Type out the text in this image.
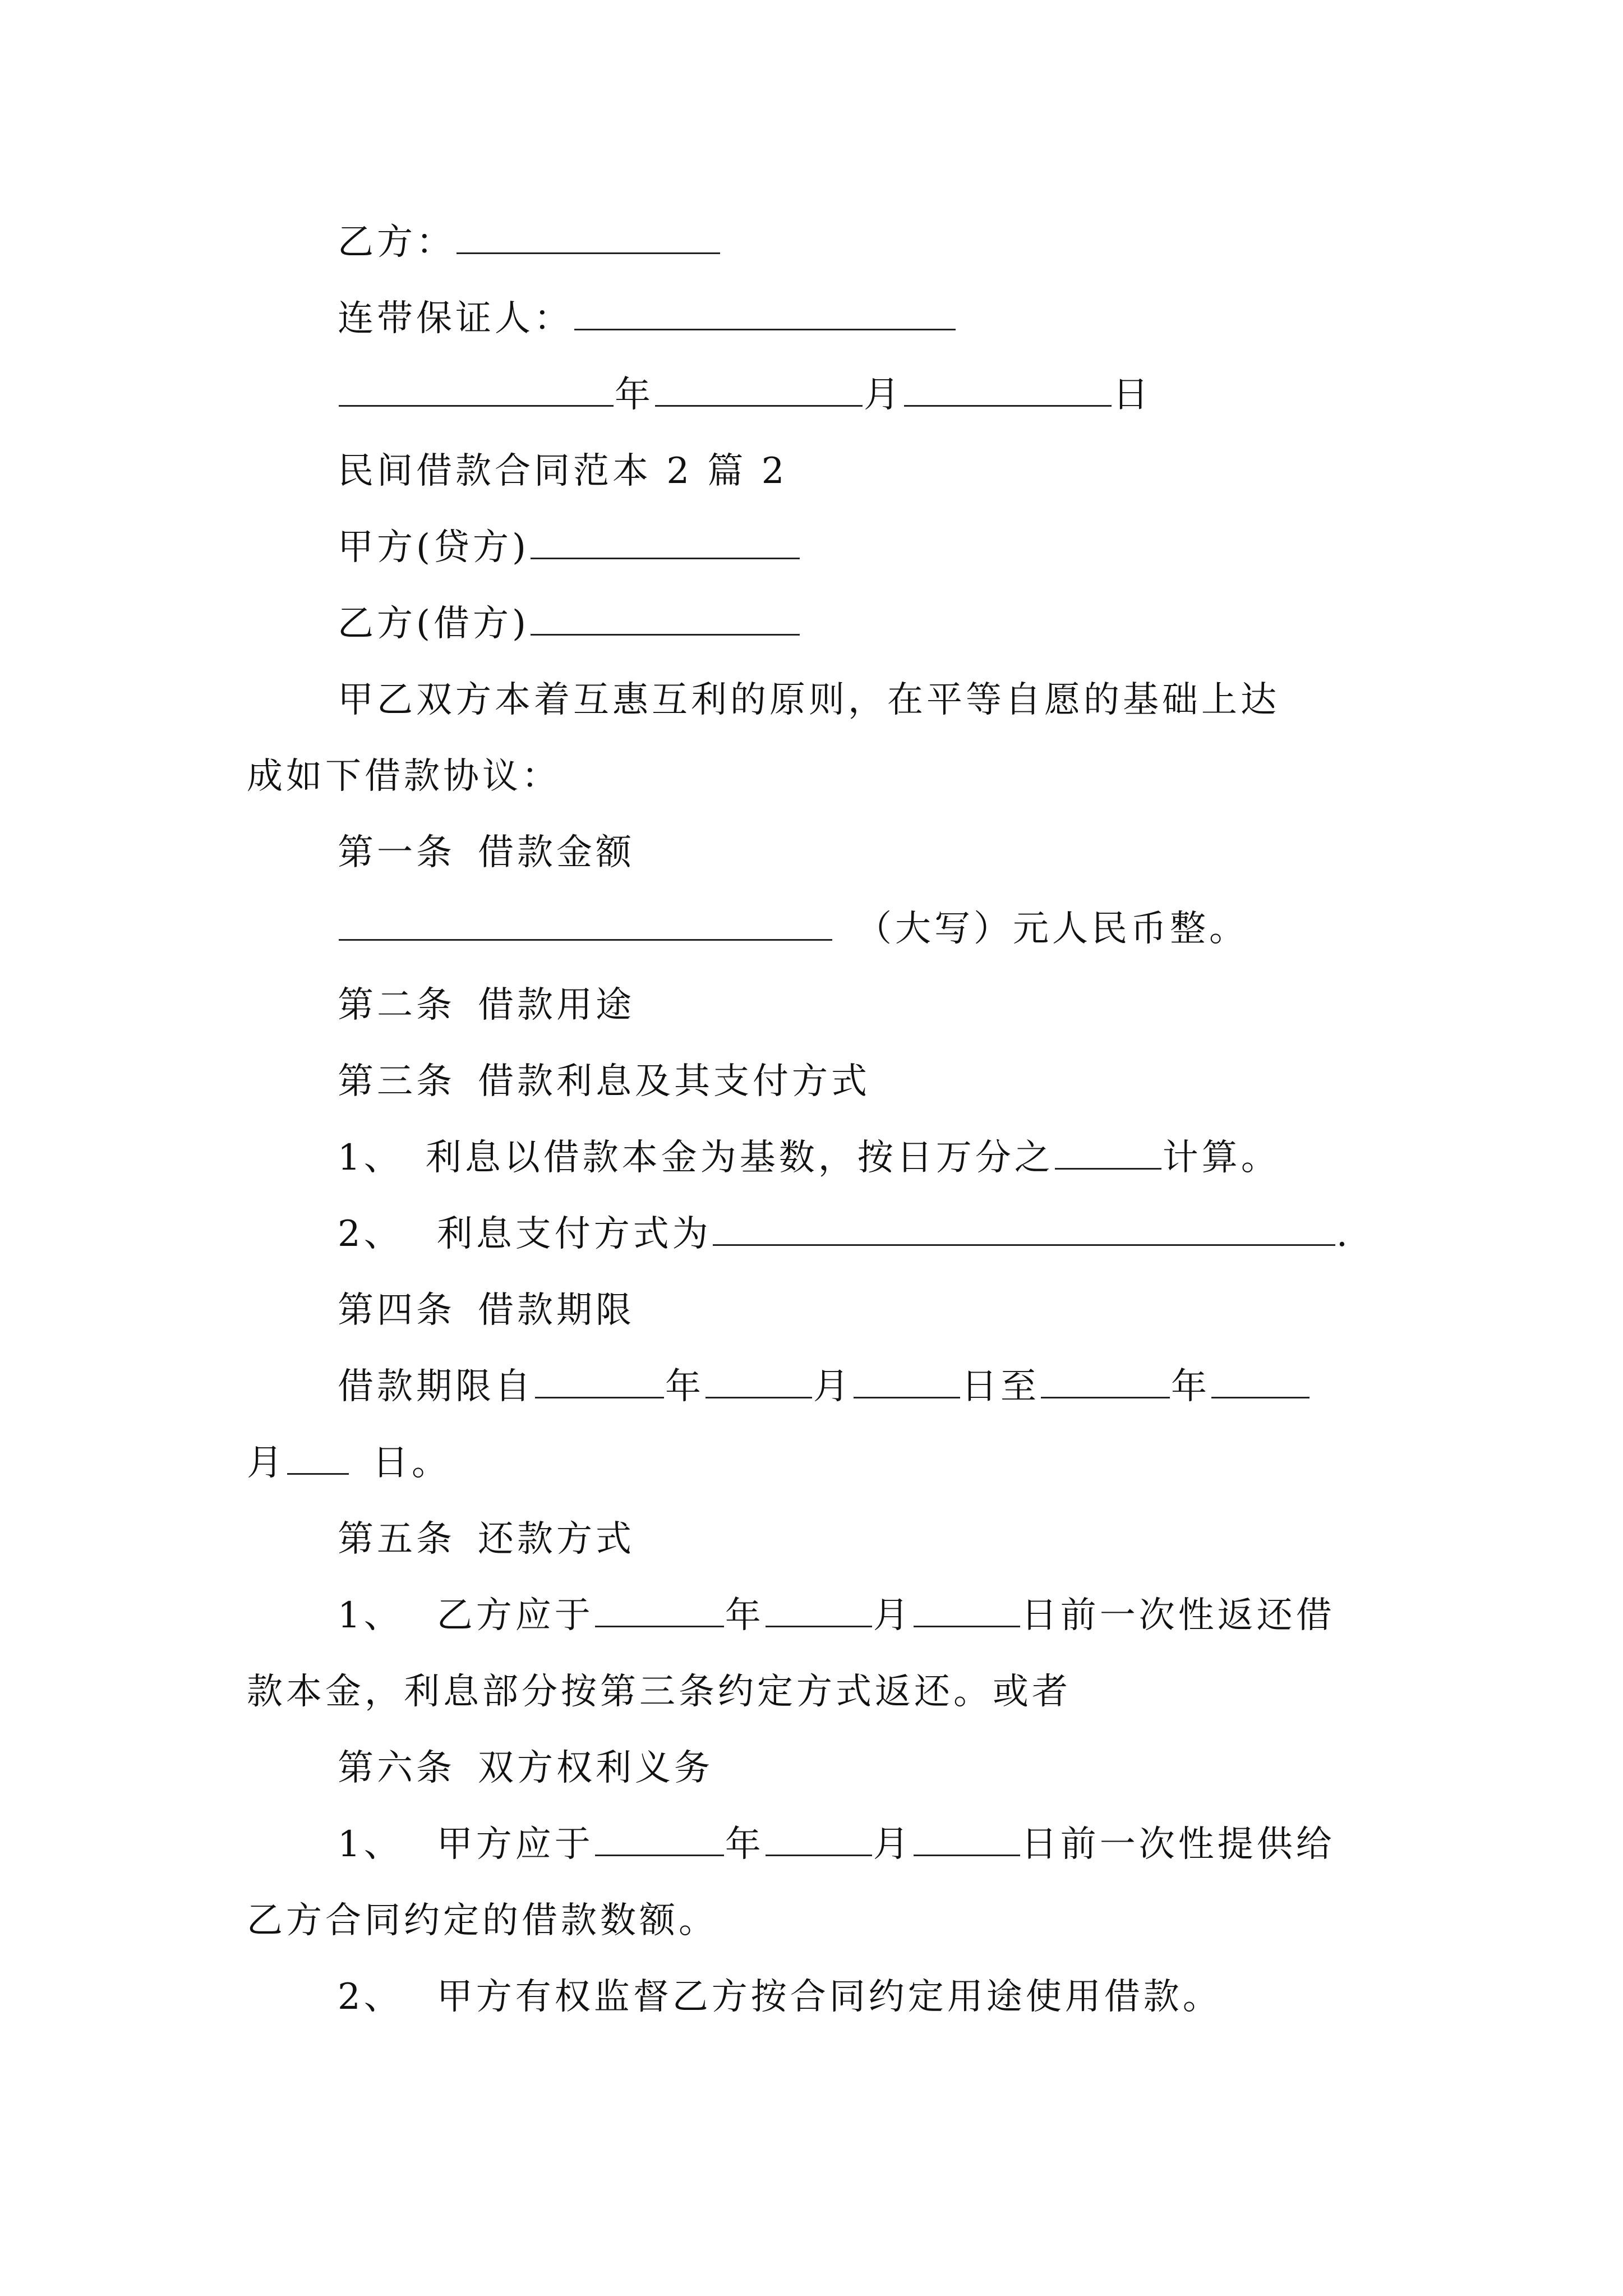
乙方：
连带保证人：
年	月	日
民间借款合同范本 2 篇 2
甲方(贷方)
乙方(借方)
甲乙双方本着互惠互利的原则，在平等自愿的基础上达
成如下借款协议：
第一条 借款金额
（大写）元人民币整。
第二条 借款用途
第三条 借款利息及其支付方式
1、 利息以借款本金为基数，按日万分之	计算。
2、 利息支付方式为	.
第四条 借款期限
借款期限自	年	月	日至	年
月 日。
第五条 还款方式
1、 乙方应于	年	月	日前一次性返还借
款本金，利息部分按第三条约定方式返还。或者
第六条 双方权利义务
1、 甲方应于	年	月	日前一次性提供给
乙方合同约定的借款数额。
2、 甲方有权监督乙方按合同约定用途使用借款。
